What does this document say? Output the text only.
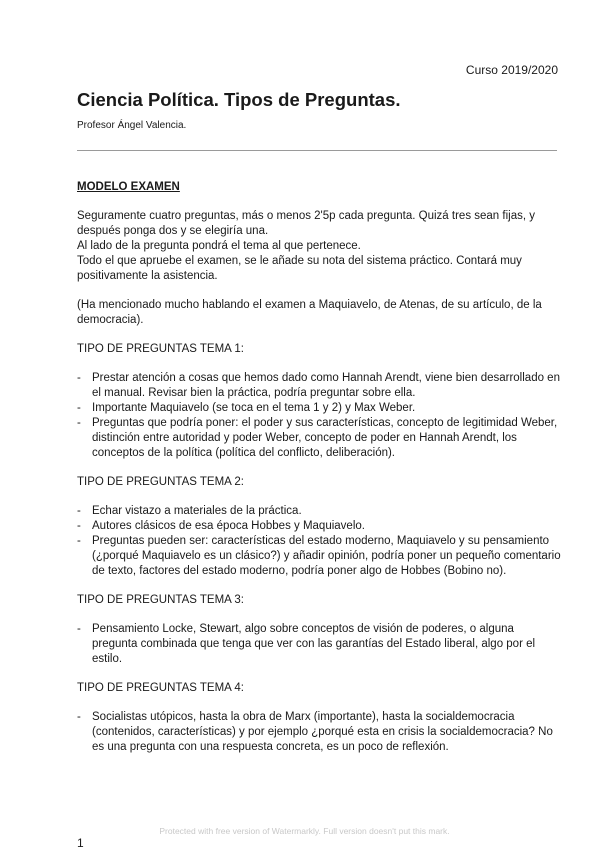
Curso 2019/2020
Ciencia Política. Tipos de Preguntas.
Profesor Ángel Valencia.
MODELO EXAMEN
Seguramente cuatro preguntas, más o menos 2'5p cada pregunta. Quizá tres sean fijas, y después ponga dos y se elegiría una.
Al lado de la pregunta pondrá el tema al que pertenece.
Todo el que apruebe el examen, se le añade su nota del sistema práctico. Contará muy positivamente la asistencia.
(Ha mencionado mucho hablando el examen a Maquiavelo, de Atenas, de su artículo, de la democracia).
TIPO DE PREGUNTAS TEMA 1:
- Prestar atención a cosas que hemos dado como Hannah Arendt, viene bien desarrollado en el manual. Revisar bien la práctica, podría preguntar sobre ella.
- Importante Maquiavelo (se toca en el tema 1 y 2) y Max Weber.
- Preguntas que podría poner: el poder y sus características, concepto de legitimidad Weber, distinción entre autoridad y poder Weber, concepto de poder en Hannah Arendt, los conceptos de la política (política del conflicto, deliberación).
TIPO DE PREGUNTAS TEMA 2:
- Echar vistazo a materiales de la práctica.
- Autores clásicos de esa época Hobbes y Maquiavelo.
- Preguntas pueden ser: características del estado moderno, Maquiavelo y su pensamiento (¿porqué Maquiavelo es un clásico?) y añadir opinión, podría poner un pequeño comentario de texto, factores del estado moderno, podría poner algo de Hobbes (Bobino no).
TIPO DE PREGUNTAS TEMA 3:
- Pensamiento Locke, Stewart, algo sobre conceptos de visión de poderes, o alguna pregunta combinada que tenga que ver con las garantías del Estado liberal, algo por el estilo.
TIPO DE PREGUNTAS TEMA 4:
- Socialistas utópicos, hasta la obra de Marx (importante), hasta la socialdemocracia (contenidos, características) y por ejemplo ¿porqué esta en crisis la socialdemocracia? No es una pregunta con una respuesta concreta, es un poco de reflexión.
Protected with free version of Watermarkly. Full version doesn't put this mark.
1
